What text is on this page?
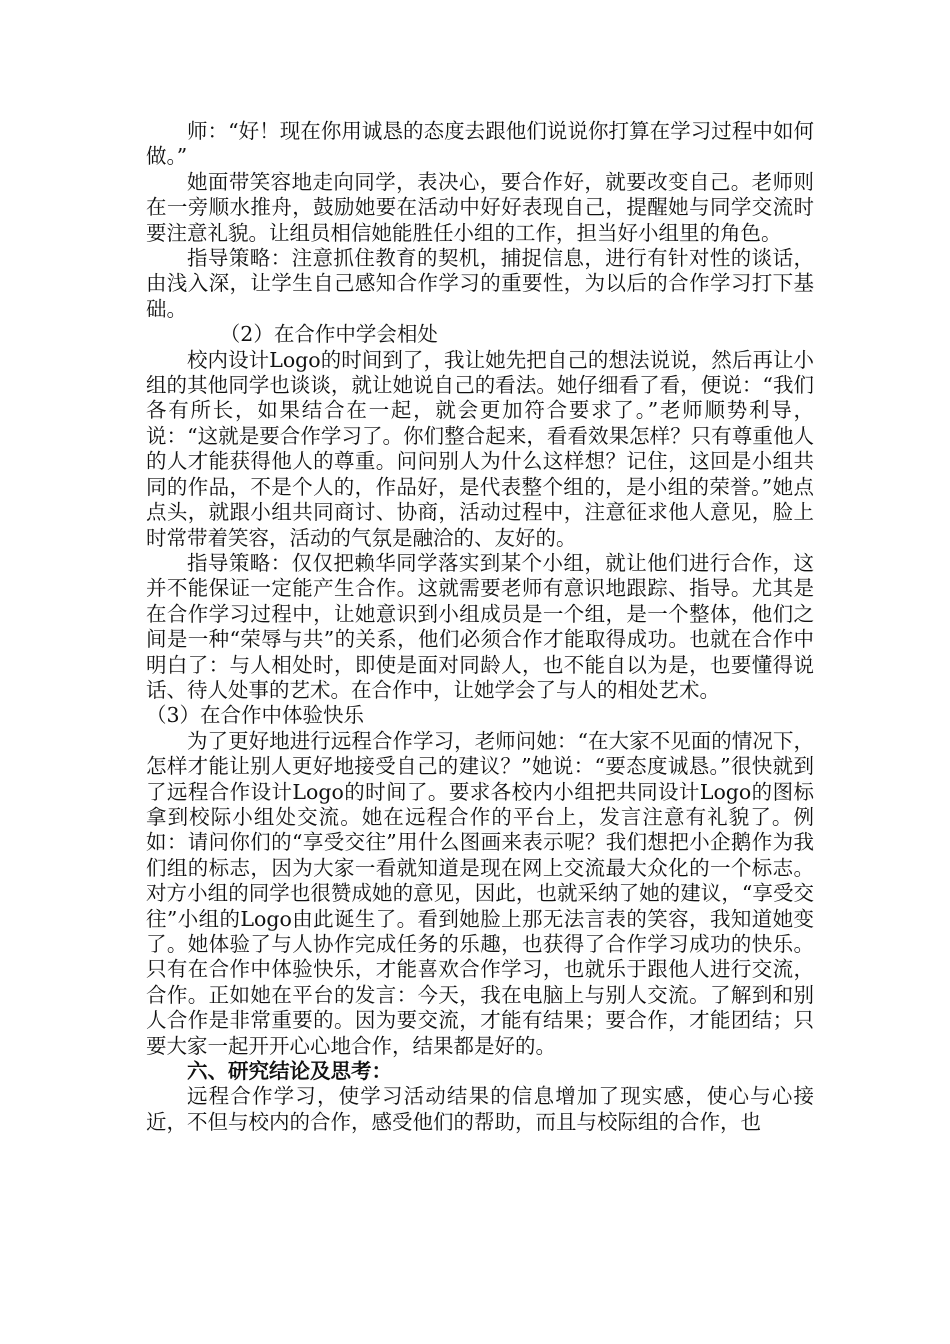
师：“好！现在你用诚恳的态度去跟他们说说你打算在学习过程中如何做。”

她面带笑容地走向同学，表决心，要合作好，就要改变自己。老师则在一旁顺水推舟，鼓励她要在活动中好好表现自己，提醒她与同学交流时要注意礼貌。让组员相信她能胜任小组的工作，担当好小组里的角色。

指导策略：注意抓住教育的契机，捕捉信息，进行有针对性的谈话，由浅入深，让学生自己感知合作学习的重要性，为以后的合作学习打下基础。

（2）在合作中学会相处

校内设计Logo的时间到了，我让她先把自己的想法说说，然后再让小组的其他同学也谈谈，就让她说自己的看法。她仔细看了看，便说：“我们各有所长，如果结合在一起，就会更加符合要求了。”老师顺势利导，说：“这就是要合作学习了。你们整合起来，看看效果怎样？只有尊重他人的人才能获得他人的尊重。问问别人为什么这样想？记住，这回是小组共同的作品，不是个人的，作品好，是代表整个组的，是小组的荣誉。”她点点头，就跟小组共同商讨、协商，活动过程中，注意征求他人意见，脸上时常带着笑容，活动的气氛是融洽的、友好的。

指导策略：仅仅把赖华同学落实到某个小组，就让他们进行合作，这并不能保证一定能产生合作。这就需要老师有意识地跟踪、指导。尤其是在合作学习过程中，让她意识到小组成员是一个组，是一个整体，他们之间是一种“荣辱与共”的关系，他们必须合作才能取得成功。也就在合作中明白了：与人相处时，即使是面对同龄人，也不能自以为是，也要懂得说话、待人处事的艺术。在合作中，让她学会了与人的相处艺术。

（3）在合作中体验快乐

为了更好地进行远程合作学习，老师问她：“在大家不见面的情况下，怎样才能让别人更好地接受自己的建议？”她说：“要态度诚恳。”很快就到了远程合作设计Logo的时间了。要求各校内小组把共同设计Logo的图标拿到校际小组处交流。她在远程合作的平台上，发言注意有礼貌了。例如：请问你们的“享受交往”用什么图画来表示呢？我们想把小企鹅作为我们组的标志，因为大家一看就知道是现在网上交流最大众化的一个标志。对方小组的同学也很赞成她的意见，因此，也就采纳了她的建议，“享受交往”小组的Logo由此诞生了。看到她脸上那无法言表的笑容，我知道她变了。她体验了与人协作完成任务的乐趣，也获得了合作学习成功的快乐。只有在合作中体验快乐，才能喜欢合作学习，也就乐于跟他人进行交流，合作。正如她在平台的发言：今天，我在电脑上与别人交流。了解到和别人合作是非常重要的。因为要交流，才能有结果；要合作，才能团结；只要大家一起开开心心地合作，结果都是好的。

六、研究结论及思考：

远程合作学习，使学习活动结果的信息增加了现实感，使心与心接近，不但与校内的合作，感受他们的帮助，而且与校际组的合作，也
